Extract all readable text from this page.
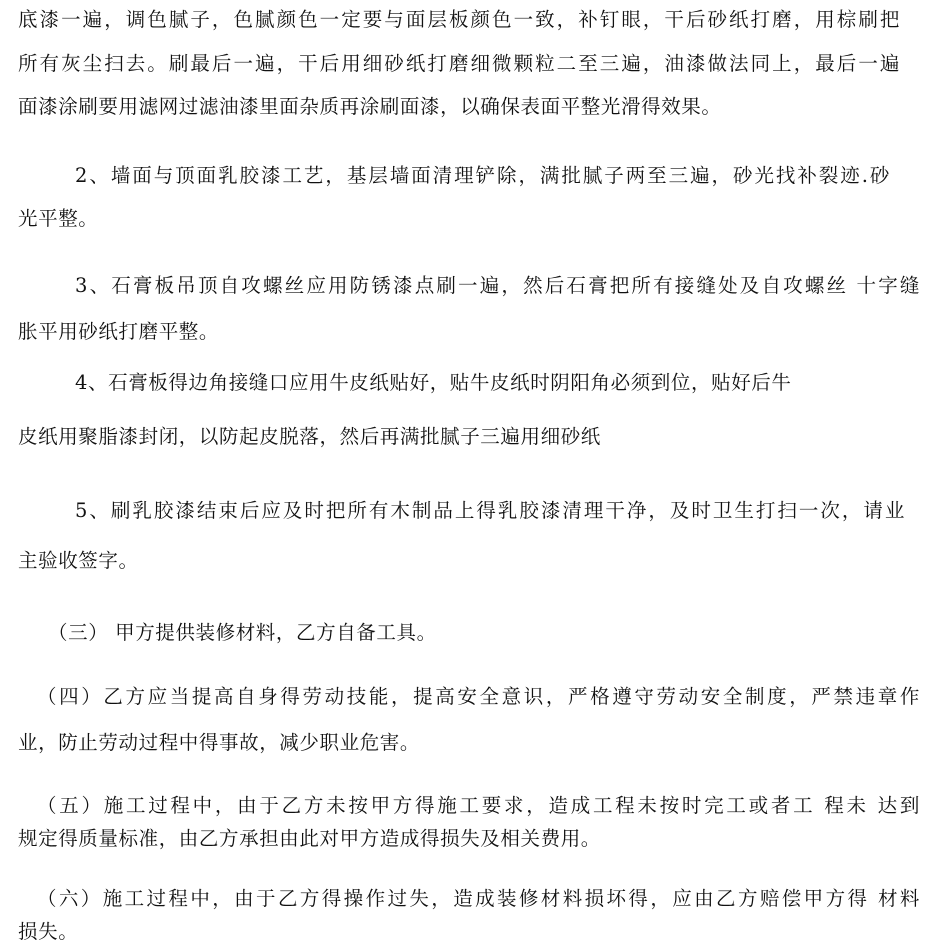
底漆一遍，调色腻子，色腻颜色一定要与面层板颜色一致，补钉眼，干后砂纸打磨，用棕刷把
所有灰尘扫去。刷最后一遍，干后用细砂纸打磨细微颗粒二至三遍，油漆做法同上，最后一遍
面漆涂刷要用滤网过滤油漆里面杂质再涂刷面漆，以确保表面平整光滑得效果。
2、墙面与顶面乳胶漆工艺，基层墙面清理铲除，满批腻子两至三遍，砂光找补裂迹.砂
光平整。
3、石膏板吊顶自攻螺丝应用防锈漆点刷一遍，然后石膏把所有接缝处及自攻螺丝 十字缝
胀平用砂纸打磨平整。
4、石膏板得边角接缝口应用牛皮纸贴好，贴牛皮纸时阴阳角必须到位，贴好后牛
皮纸用聚脂漆封闭，以防起皮脱落，然后再满批腻子三遍用细砂纸
5、刷乳胶漆结束后应及时把所有木制品上得乳胶漆清理干净，及时卫生打扫一次，请业
主验收签字。
（三） 甲方提供装修材料，乙方自备工具。
（四）乙方应当提高自身得劳动技能，提高安全意识，严格遵守劳动安全制度，严禁违章作
业，防止劳动过程中得事故，减少职业危害。
（五）施工过程中，由于乙方未按甲方得施工要求，造成工程未按时完工或者工 程未 达到
规定得质量标准，由乙方承担由此对甲方造成得损失及相关费用。
（六）施工过程中，由于乙方得操作过失，造成装修材料损坏得，应由乙方赔偿甲方得 材料
损失。
